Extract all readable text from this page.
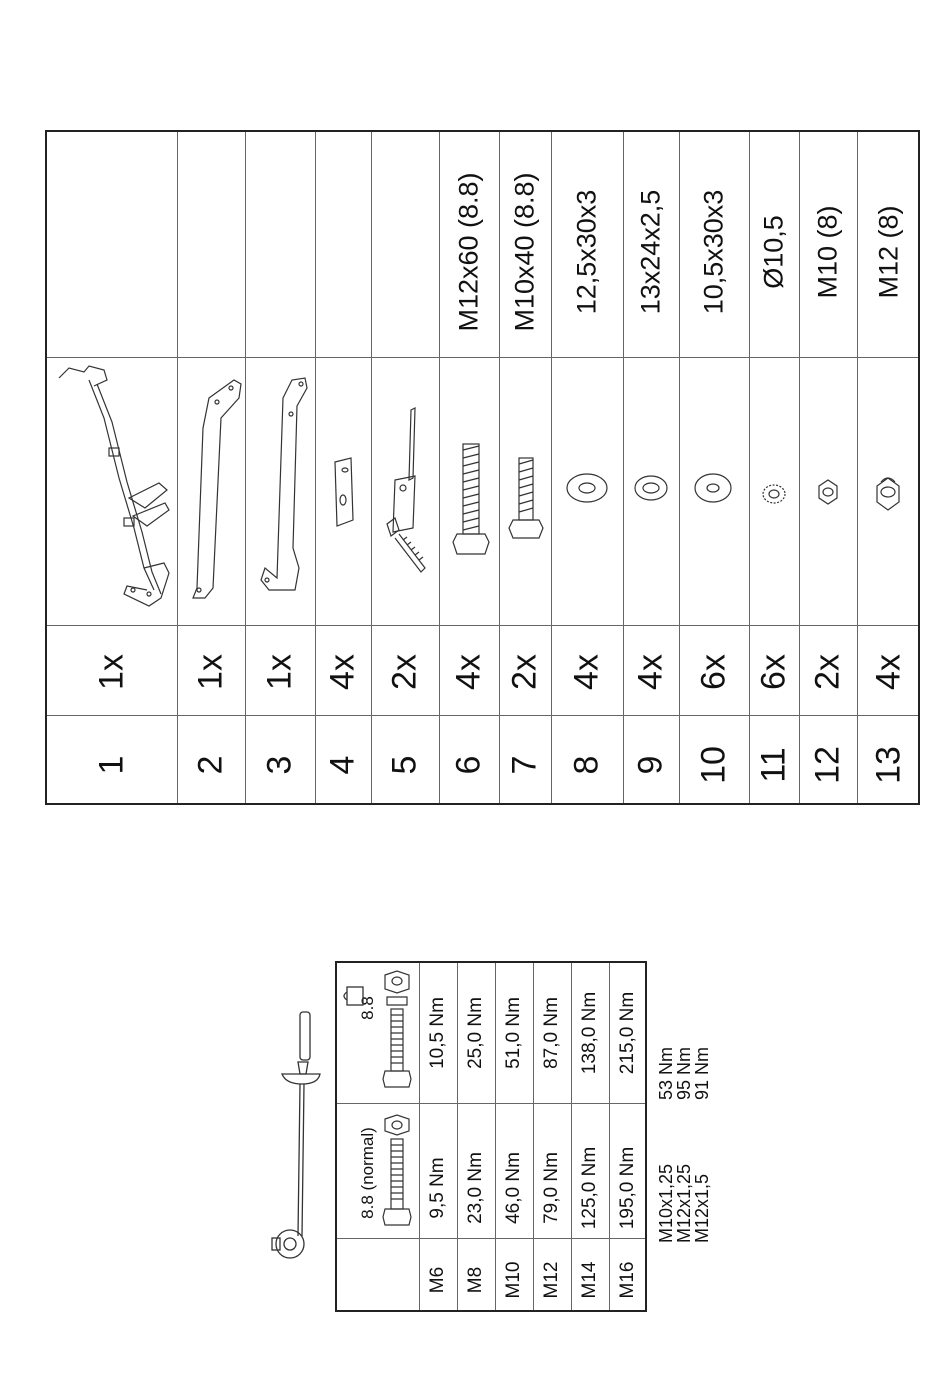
1
1x
2
1x
3
1x
4
4x
5
2x
6
4x
M12x60 (8.8)
7
2x
M10x40 (8.8)
8
4x
12,5x30x3
9
4x
13x24x2,5
10
6x
10,5x30x3
11
6x
Ø10,5
12
2x
M10 (8)
13
4x
M12 (8)
8.8 (normal)
8.8
M6
9,5 Nm
10,5 Nm
M8
23,0 Nm
25,0 Nm
M10
46,0 Nm
51,0 Nm
M12
79,0 Nm
87,0 Nm
M14
125,0 Nm
138,0 Nm
M16
195,0 Nm
215,0 Nm
M10x1,25
M12x1,25
M12x1,5
53 Nm
95 Nm
91 Nm
